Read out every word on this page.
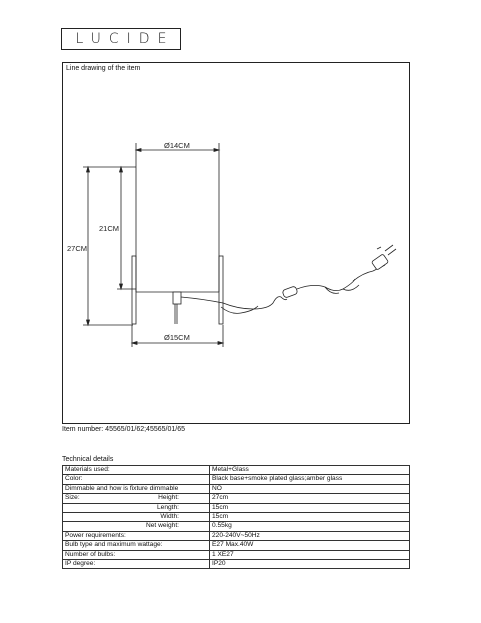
LUCIDE
Line drawing of the item
Ø14CM
21CM
27CM
Ø15CM
Item number: 45565/01/62;45565/01/65
Technical details
Materials used:	Metal+Glass
Color:	Black base+smoke plated glass;amber glass
Dimmable and how is fixture dimmable	NO

Size: Height:	27cm

Length:	15cm

Width:	15cm

Net weight:	0.55kg
Power requirements:	220-240V~50Hz
Bulb type and maximum wattage:	E27 Max.40W
Number of bulbs:	1 XE27
IP degree:	IP20
